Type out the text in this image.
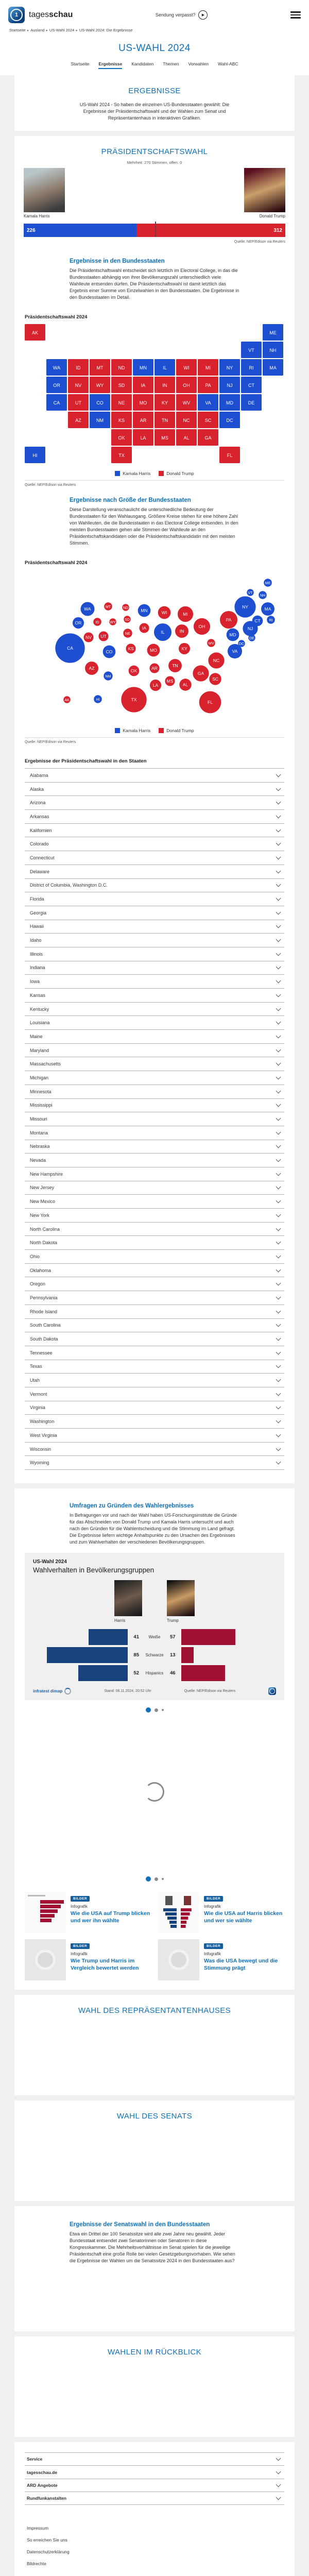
1	tagesschau	Sendung verpasst?	▶
Startseite ▸ Ausland ▸ US-Wahl 2024 ▸ US-Wahl 2024: Die Ergebnisse
US-WAHL 2024
Startseite Ergebnisse Kandidaten Themen Vorwahlen Wahl-ABC
ERGEBNISSE

US-Wahl 2024 - So haben die einzelnen US-Bundesstaaten gewählt: Die Ergebnisse der Präsidentschaftswahl und der Wahlen zum Senat und Repräsentantenhaus in interaktiven Grafiken.

PRÄSIDENTSCHAFTSWAHL
Mehrheit: 270 Stimmen, offen: 0
Kamala Harris	Donald Trump
226	312
Quelle: NEP/Edison via Reuters
Ergebnisse in den Bundesstaaten
Die Präsidentschaftswahl entscheidet sich letztlich im Electoral College, in das die Bundesstaaten abhängig von ihrer Bevölkerungszahl unterschiedlich viele Wahlleute entsenden dürfen. Die Präsidentschaftswahl ist damit letztlich das Ergebnis einer Summe von Einzelwahlen in den Bundesstaaten. Die Ergebnisse in den Bundesstaaten im Detail.
Präsidentschaftswahl 2024
AK	ME
VT	NH
WA	ID	MT	ND	MN	IL	WI	MI	NY	RI	MA
OR	NV	WY	SD	IA	IN	OH	PA	NJ	CT
CA	UT	CO	NE	MO	KY	WV	VA	MD	DE
AZ	NM	KS	AR	TN	NC	SC	DC
OK	LA	MS	AL	GA
HI	TX	FL
Kamala Harris	Donald Trump
Quelle: NEP/Edison via Reuters
Ergebnisse nach Größe der Bundesstaaten
Diese Darstellung veranschaulicht die unterschiedliche Bedeutung der Bundesstaaten für den Wahlausgang. Größere Kreise stehen für eine höhere Zahl von Wahlleuten, die die Bundesstaaten in das Electoral College entsenden. In den meisten Bundesstaaten gehen alle Stimmen der Wahlleute an den Präsidentschaftskandidaten oder die Präsidentschaftskandidatin mit den meisten Stimmen.
Präsidentschaftswahl 2024
ME
VT
NH
NY	MA
CT RI
NJ
PA
MD
DE
DC
VA
WV
WA	MT	ND	MN	WI	MI
OR	ID	WY
SD
IA
NE	IL	IN
OH
NV UT
CA
CO
KS	MO	KY
TN
NC
AZ
NM
OK	AR
MS
AL
GA
SC
LA
TX	FL
AK	HI
Kamala Harris	Donald Trump
Quelle: NEP/Edison via Reuters
Ergebnisse der Präsidentschaftswahl in den Staaten
Alabama
Alaska
Arizona
Arkansas
Kalifornien
Colorado
Connecticut
Delaware
District of Columbia, Washington D.C.
Florida
Georgia
Hawaii
Idaho
Illinois
Indiana
Iowa
Kansas
Kentucky
Louisiana
Maine
Maryland
Massachusetts
Michigan
Minnesota
Mississippi
Missouri
Montana
Nebraska
Nevada
New Hampshire
New Jersey
New Mexico
New York
North Carolina
North Dakota
Ohio
Oklahoma
Oregon
Pennsylvania
Rhode Island
South Carolina
South Dakota
Tennessee
Texas
Utah
Vermont
Virginia
Washington
West Virginia
Wisconsin
Wyoming
Umfragen zu Gründen des Wahlergebnisses
In Befragungen vor und nach der Wahl haben US-Forschungsinstitute die Gründe für das Abschneiden von Donald Trump und Kamala Harris untersucht und auch nach den Gründen für die Wahlentscheidung und die Stimmung im Land gefragt. Die Ergebnisse liefern wichtige Anhaltspunkte zu den Ursachen des Ergebnisses und zum Wahlverhalten der verschiedenen Bevölkerungsgruppen.
US-Wahl 2024
Wahlverhalten in Bevölkerungsgruppen
Harris	Trump
41	Weiße	57
85	Schwarze	13
52	Hispanics	46
infratest dimap	Stand: 06.11.2024, 20:52 Uhr	Quelle: NEP/Edison via Reuters
BILDER
Infografik
Wie die USA auf Trump blicken und wer ihn wählte
BILDER
Infografik
Wie die USA auf Harris blicken und wer sie wählte
BILDER
Infografik
Wie Trump und Harris im Vergleich bewertet werden
BILDER
Infografik
Was die USA bewegt und die Stimmung prägt
WAHL DES REPRÄSENTANTENHAUSES
WAHL DES SENATS
Ergebnisse der Senatswahl in den Bundesstaaten
Etwa ein Drittel der 100 Senatssitze wird alle zwei Jahre neu gewählt. Jeder Bundesstaat entsendet zwei Senatorinnen oder Senatoren in diese Kongresskammer. Die Mehrheitsverhältnisse im Senat spielen für die jeweilige Präsidentschaft eine große Rolle bei vielen Gesetzgebungsvorhaben. Wie sehen die Ergebnisse der Wahlen um die Senatssitze 2024 in den Bundesstaaten aus?
WAHLEN IM RÜCKBLICK
Service
tagesschau.de
ARD Angebote
Rundfunkanstalten
Impressum
So erreichen Sie uns
Datenschutzerklärung
Bildrechte
